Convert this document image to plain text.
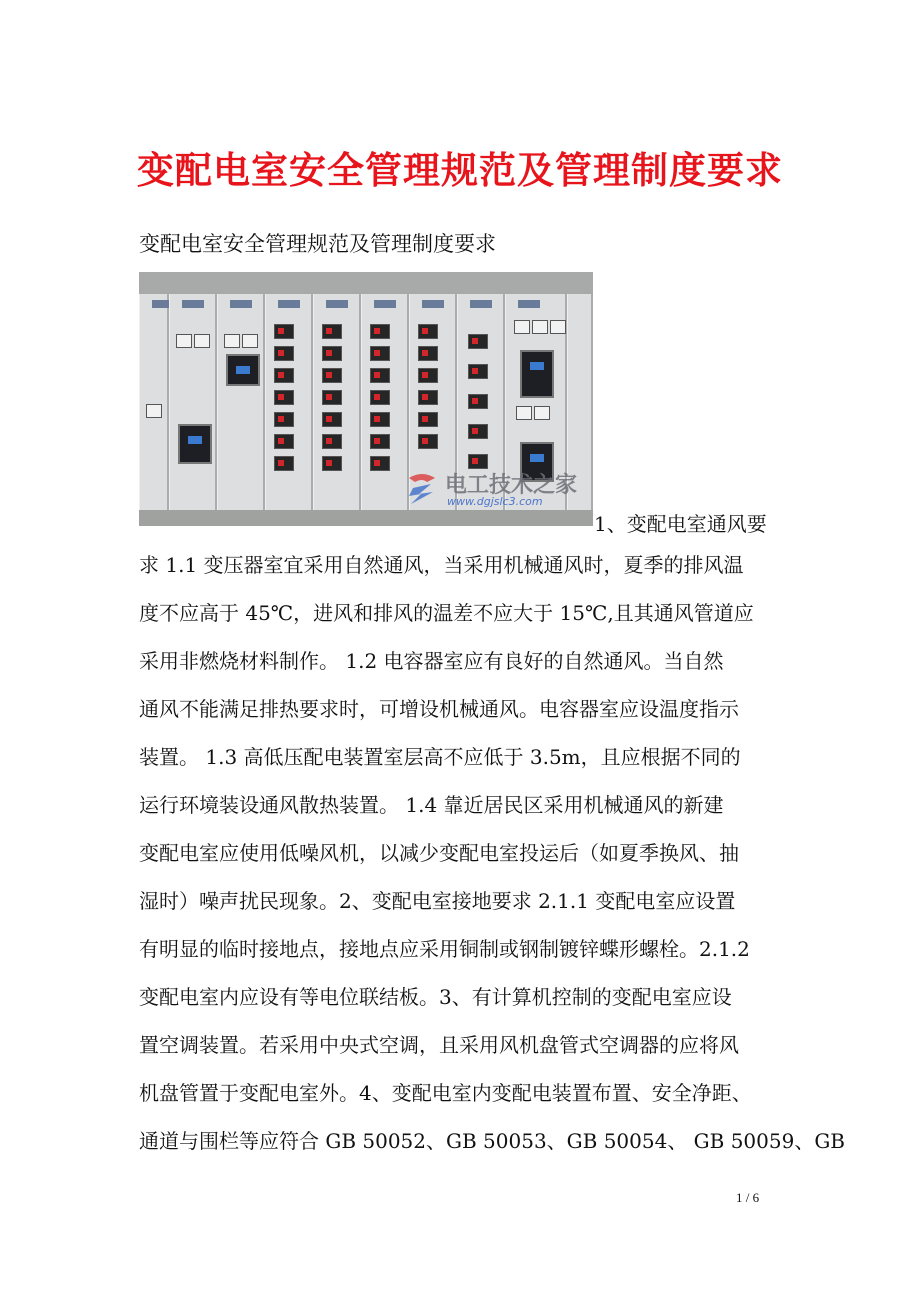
变配电室安全管理规范及管理制度要求

变配电室安全管理规范及管理制度要求

电工技术之家
www.dgjslc3.com

1、变配电室通风要

求 1.1 变压器室宜采用自然通风，当采用机械通风时，夏季的排风温

度不应高于 45℃，进风和排风的温差不应大于 15℃,且其通风管道应

采用非燃烧材料制作。 1.2 电容器室应有良好的自然通风。当自然

通风不能满足排热要求时，可增设机械通风。电容器室应设温度指示

装置。 1.3 高低压配电装置室层高不应低于 3.5m，且应根据不同的

运行环境装设通风散热装置。 1.4 靠近居民区采用机械通风的新建

变配电室应使用低噪风机，以减少变配电室投运后（如夏季换风、抽

湿时）噪声扰民现象。2、变配电室接地要求 2.1.1 变配电室应设置

有明显的临时接地点，接地点应采用铜制或钢制镀锌蝶形螺栓。2.1.2

变配电室内应设有等电位联结板。3、有计算机控制的变配电室应设

置空调装置。若采用中央式空调，且采用风机盘管式空调器的应将风

机盘管置于变配电室外。4、变配电室内变配电装置布置、安全净距、

通道与围栏等应符合 GB 50052、GB 50053、GB 50054、 GB 50059、GB

1 / 6
